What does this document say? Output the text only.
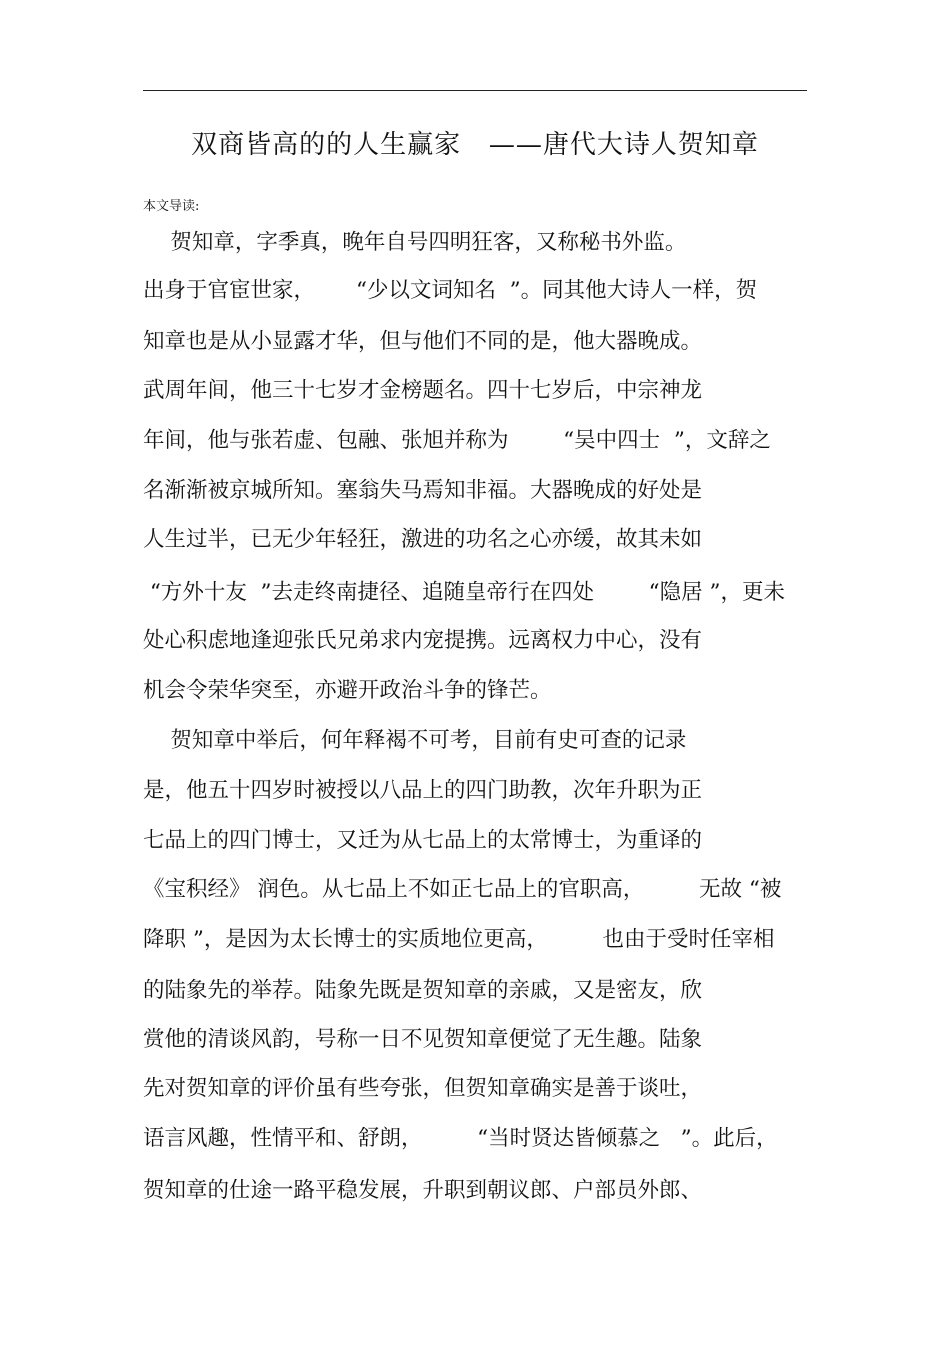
双商皆高的的人生赢家   ——唐代大诗人贺知章
本文导读:
贺知章，字季真，晚年自号四明狂客，又称秘书外监。
出身于官宦世家，      “少以文词知名  ”。同其他大诗人一样，贺
知章也是从小显露才华，但与他们不同的是，他大器晚成。
武周年间，他三十七岁才金榜题名。四十七岁后，中宗神龙
年间，他与张若虚、包融、张旭并称为        “吴中四士  ”，文辞之
名渐渐被京城所知。塞翁失马焉知非福。大器晚成的好处是
人生过半，已无少年轻狂，激进的功名之心亦缓，故其未如
“方外十友  ”去走终南捷径、追随皇帝行在四处        “隐居 ”，更未
处心积虑地逢迎张氏兄弟求内宠提携。远离权力中心，没有
机会令荣华突至，亦避开政治斗争的锋芒。
贺知章中举后，何年释褐不可考，目前有史可查的记录
是，他五十四岁时被授以八品上的四门助教，次年升职为正
七品上的四门博士，又迁为从七品上的太常博士，为重译的
《宝积经》 润色。从七品上不如正七品上的官职高，        无故 “被
降职 ”，是因为太长博士的实质地位更高，        也由于受时任宰相
的陆象先的举荐。陆象先既是贺知章的亲戚，又是密友，欣
赏他的清谈风韵，号称一日不见贺知章便觉了无生趣。陆象
先对贺知章的评价虽有些夸张，但贺知章确实是善于谈吐，
语言风趣，性情平和、舒朗，        “当时贤达皆倾慕之   ”。此后，
贺知章的仕途一路平稳发展，升职到朝议郎、户部员外郎、
